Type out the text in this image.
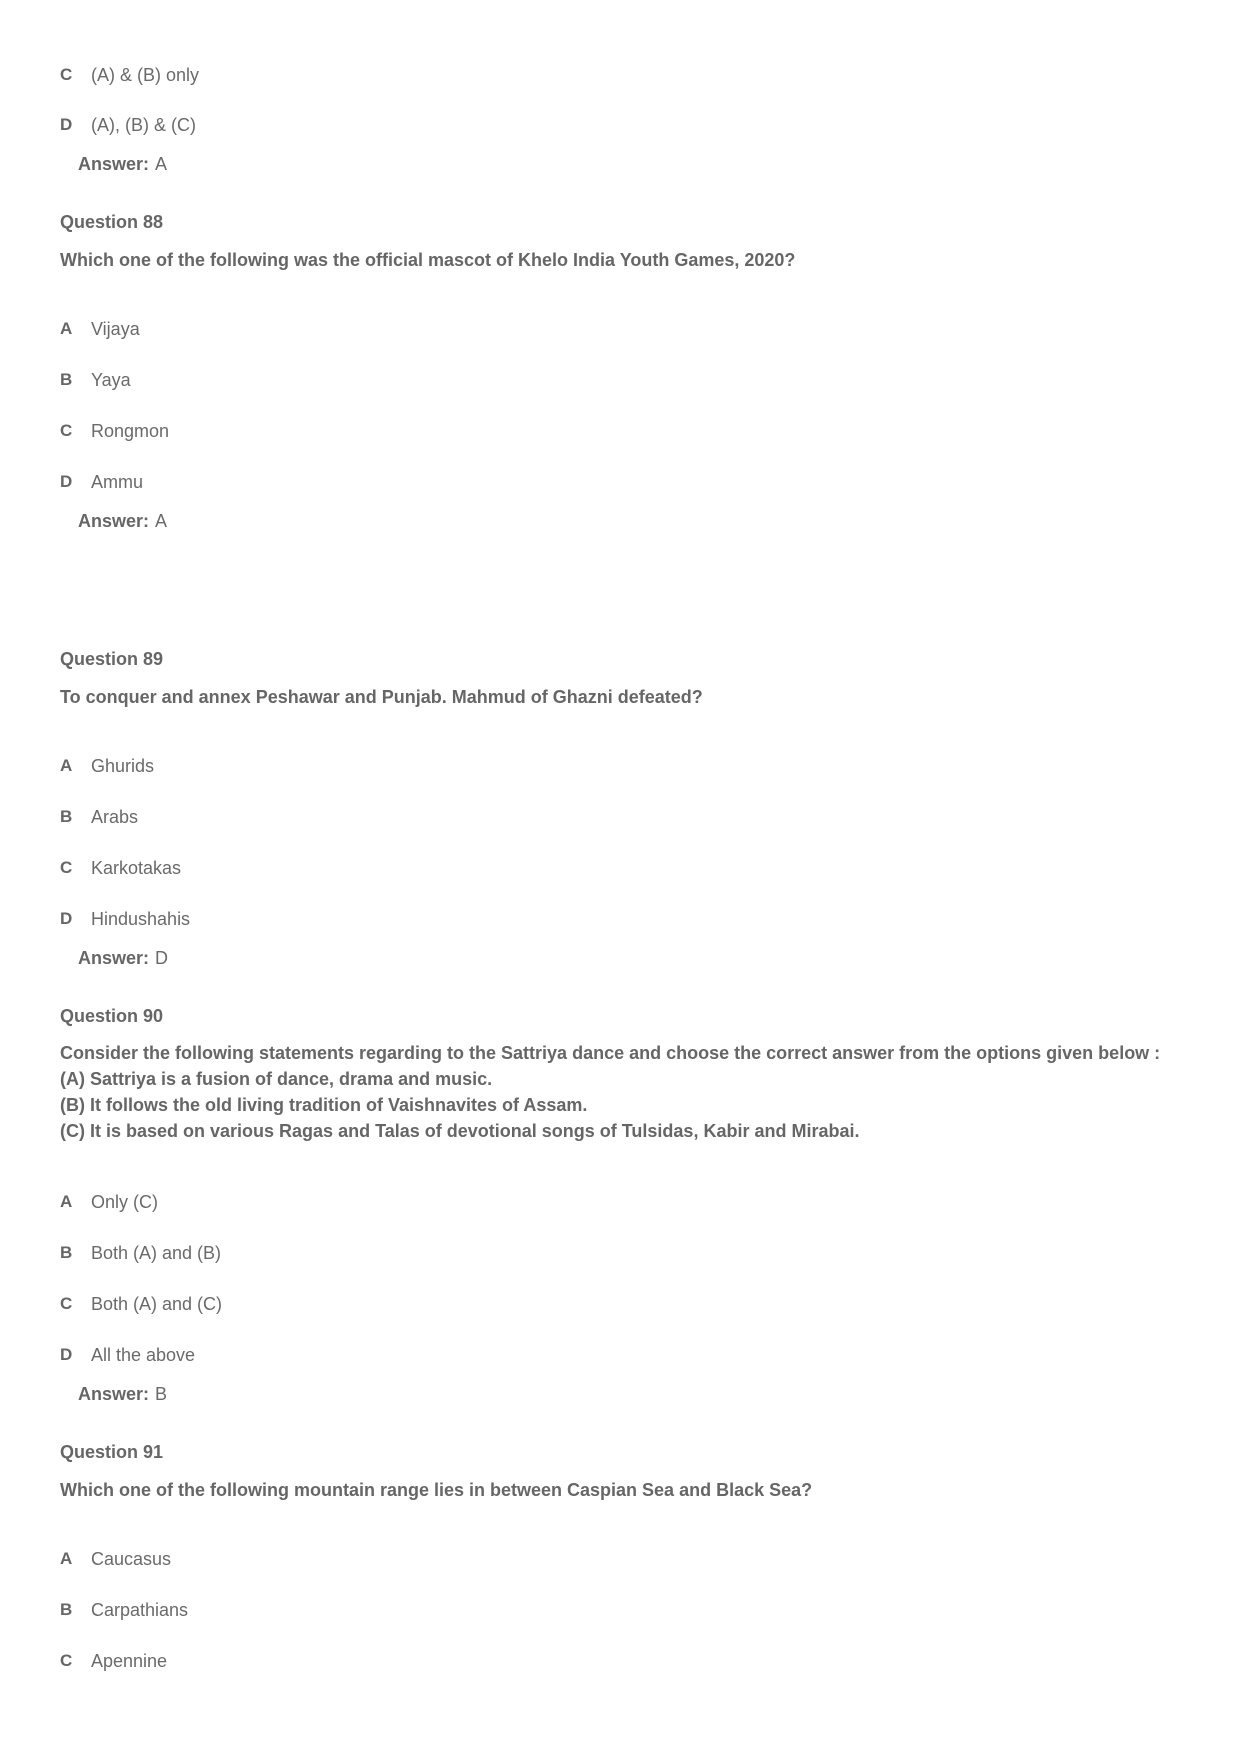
C	(A) & (B) only
D	(A), (B) & (C)
Answer: A
Question 88
Which one of the following was the official mascot of Khelo India Youth Games, 2020?
A	Vijaya
B	Yaya
C	Rongmon
D	Ammu
Answer: A
Question 89
To conquer and annex Peshawar and Punjab. Mahmud of Ghazni defeated?
A	Ghurids
B	Arabs
C	Karkotakas
D	Hindushahis
Answer: D
Question 90
Consider the following statements regarding to the Sattriya dance and choose the correct answer from the options given below :
(A) Sattriya is a fusion of dance, drama and music.
(B) It follows the old living tradition of Vaishnavites of Assam.
(C) It is based on various Ragas and Talas of devotional songs of Tulsidas, Kabir and Mirabai.
A	Only (C)
B	Both (A) and (B)
C	Both (A) and (C)
D	All the above
Answer: B
Question 91
Which one of the following mountain range lies in between Caspian Sea and Black Sea?
A	Caucasus
B	Carpathians
C	Apennine
